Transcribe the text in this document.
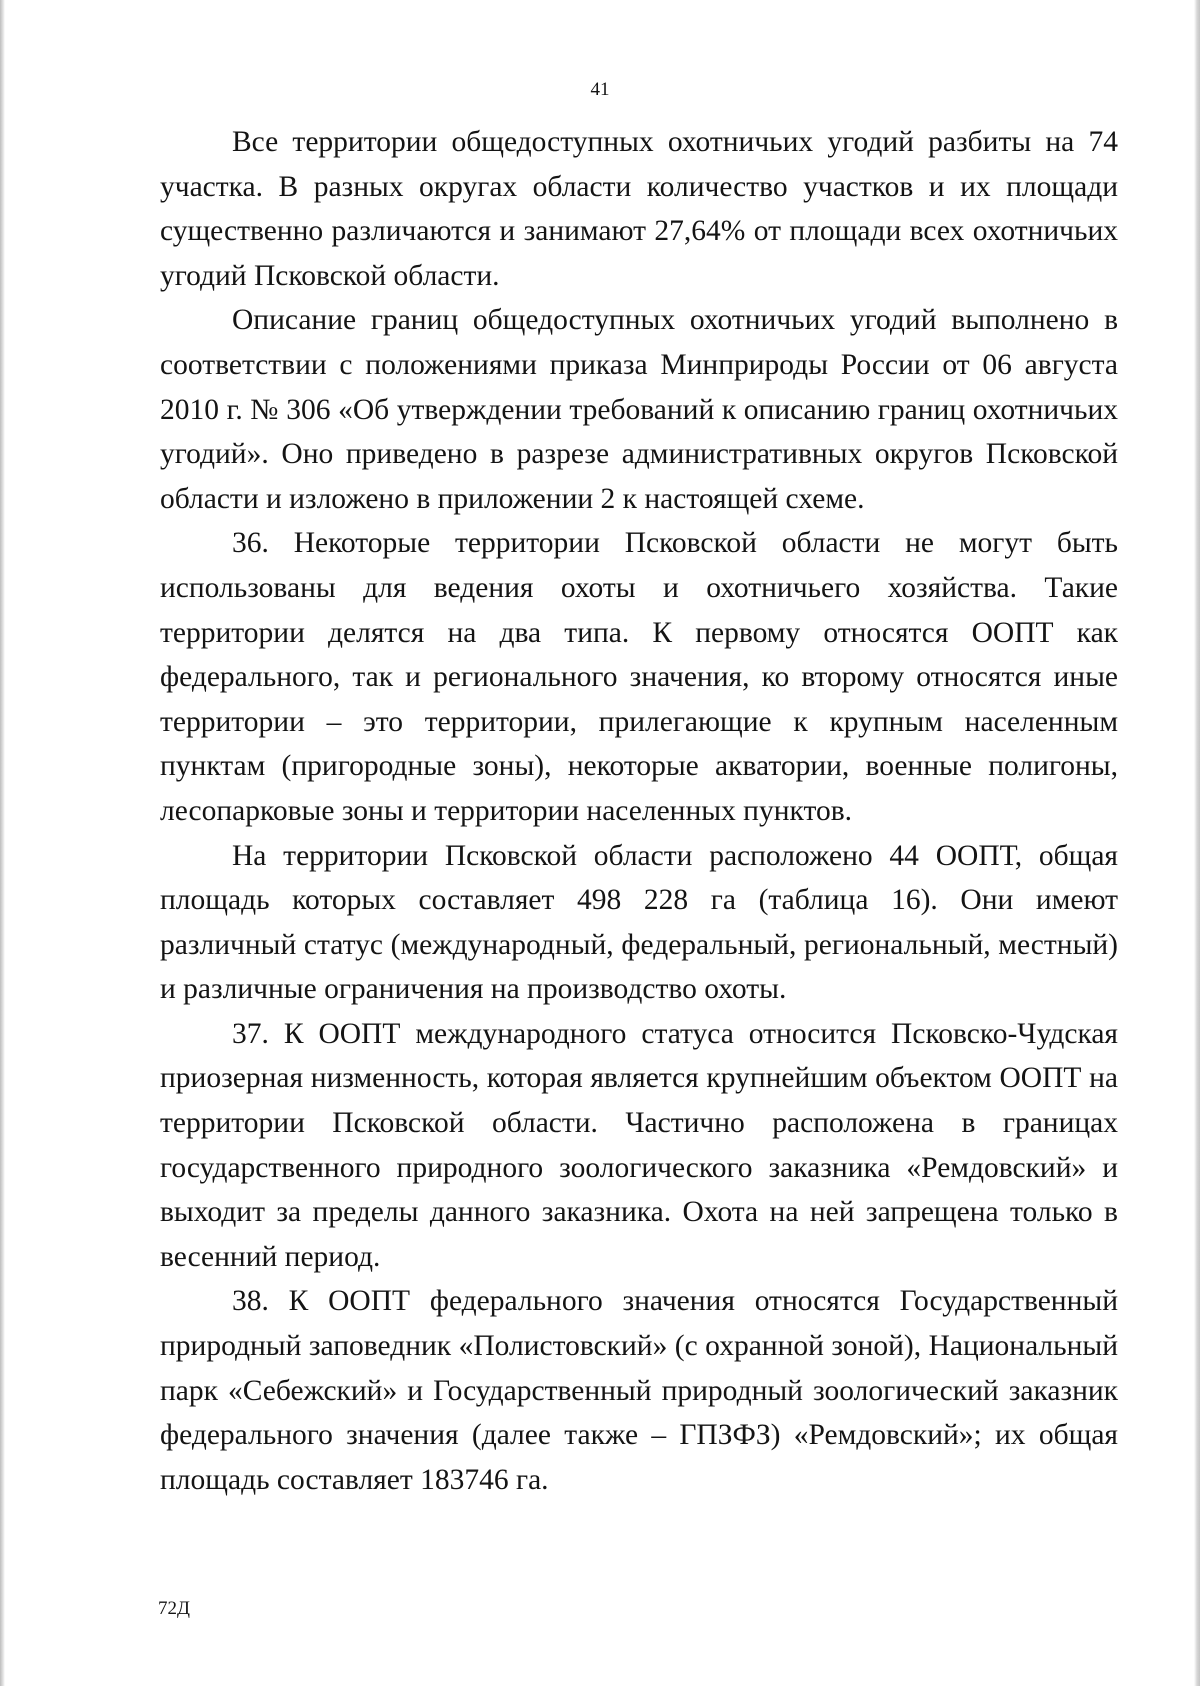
41

Все территории общедоступных охотничьих угодий разбиты на 74 участка. В разных округах области количество участков и их площади существенно различаются и занимают 27,64% от площади всех охотничьих угодий Псковской области.

Описание границ общедоступных охотничьих угодий выполнено в соответствии с положениями приказа Минприроды России от 06 августа 2010 г. № 306 «Об утверждении требований к описанию границ охотничьих угодий». Оно приведено в разрезе административных округов Псковской области и изложено в приложении 2 к настоящей схеме.

36. Некоторые территории Псковской области не могут быть использованы для ведения охоты и охотничьего хозяйства. Такие территории делятся на два типа. К первому относятся ООПТ как федерального, так и регионального значения, ко второму относятся иные территории – это территории, прилегающие к крупным населенным пунктам (пригородные зоны), некоторые акватории, военные полигоны, лесопарковые зоны и территории населенных пунктов.

На территории Псковской области расположено 44 ООПТ, общая площадь которых составляет 498 228 га (таблица 16). Они имеют различный статус (международный, федеральный, региональный, местный) и различные ограничения на производство охоты.

37. К ООПТ международного статуса относится Псковско-Чудская приозерная низменность, которая является крупнейшим объектом ООПТ на территории Псковской области. Частично расположена в границах государственного природного зоологического заказника «Ремдовский» и выходит за пределы данного заказника. Охота на ней запрещена только в весенний период.

38. К ООПТ федерального значения относятся Государственный природный заповедник «Полистовский» (с охранной зоной), Национальный парк «Себежский» и Государственный природный зоологический заказник федерального значения (далее также – ГПЗФЗ) «Ремдовский»; их общая площадь составляет 183746 га.

72Д
